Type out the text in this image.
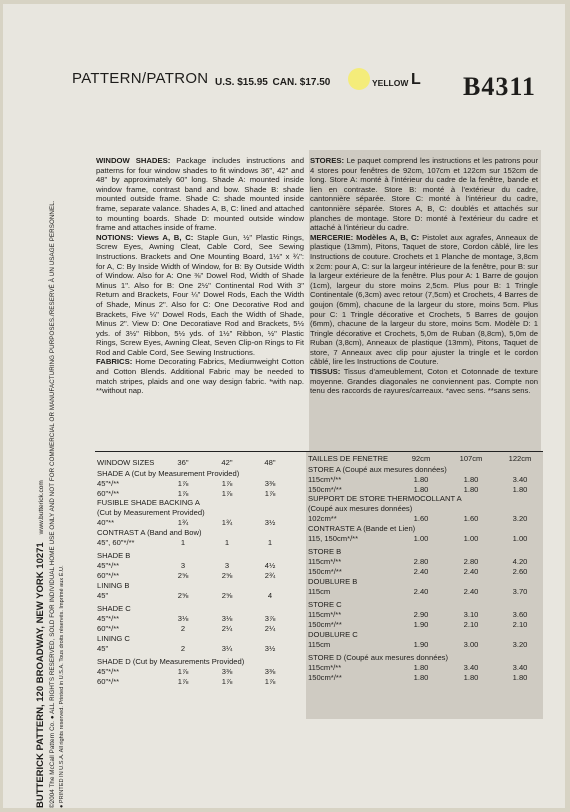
BUTTERICK PATTERN, 120 BROADWAY, NEW YORK 10271   www.butterick.com ©2004 The McCall Pattern Co. ● ALL RIGHTS RESERVED, SOLD FOR INDIVIDUAL HOME USE ONLY AND NOT FOR COMMERCIAL OR MANUFACTURING PURPOSES./RESERVÉ À UN USAGE PERSONNEL. ● PRINTED IN U.S.A. All rights reserved. Printed in U.S.A. Tous droits réservés. Imprimé aux É.U.
PATTERN/PATRON U.S. $15.95 CAN. $17.50	YELLOW L B4311

WINDOW SHADES: Package includes instructions and patterns for four window shades to fit windows 36", 42" and 48" by approximately 60" long. Shade A: mounted inside window frame, contrast band and bow. Shade B: shade mounted outside frame. Shade C: shade mounted inside frame, separate valance. Shades A, B, C: lined and attached to mounting boards. Shade D: mounted outside window frame and attaches inside of frame.

NOTIONS: Views A, B, C: Staple Gun, ½" Plastic Rings, Screw Eyes, Awning Cleat, Cable Cord, See Sewing Instructions. Brackets and One Mounting Board, 1½" x ¾": for A, C: By Inside Width of Window, for B: By Outside Width of Window. Also for A: One ⅜" Dowel Rod, Width of Shade Minus 1". Also for B: One 2½" Continental Rod With 3" Return and Brackets, Four ¼" Dowel Rods, Each the Width of Shade, Minus 2". Also for C: One Decorative Rod and Brackets, Five ¼" Dowel Rods, Each the Width of Shade, Minus 2". View D: One Decoratiave Rod and Brackets, 5½ yds. of 3½" Ribbon, 5½ yds. of 1½" Ribbon, ½" Plastic Rings, Screw Eyes, Awning Cleat, Seven Clip-on Rings to Fit Rod and Cable Cord, See Sewing Instructions.

FABRICS: Home Decorating Fabrics, Mediumweight Cotton and Cotton Blends. Additional Fabric may be needed to match stripes, plaids and one way design fabric. *with nap. **without nap.

STORES: Le paquet comprend les instructions et les patrons pour 4 stores pour fenêtres de 92cm, 107cm et 122cm sur 152cm de long. Store A: monté à l'intérieur du cadre de la fenêtre, bande et lien en contraste. Store B: monté à l'extérieur du cadre, cantonnière séparée. Store C: monté à l'intérieur du cadre, cantonnière séparée. Stores A, B, C: doublés et attachés sur planches de montage. Store D: monté à l'extérieur du cadre et attaché à l'intérieur du cadre.

MERCERIE: Modèles A, B, C: Pistolet aux agrafes, Anneaux de plastique (13mm), Pitons, Taquet de store, Cordon câblé, lire les Instructions de couture. Crochets et 1 Planche de montage, 3,8cm x 2cm: pour A, C: sur la largeur intérieure de la fenêtre, pour B: sur la largeur extérieure de la fenêtre. Plus pour A: 1 Barre de goujon (1cm), largeur du store moins 2,5cm. Plus pour B: 1 Tringle Continentale (6,3cm) avec retour (7,5cm) et Crochets, 4 Barres de goujon (6mm), chacune de la largeur du store, moins 5cm. Plus pour C: 1 Tringle décorative et Crochets, 5 Barres de goujon (6mm), chacune de la largeur du store, moins 5cm. Modèle D: 1 Tringle décorative et Crochets, 5,0m de Ruban (8,8cm), 5,0m de Ruban (3,8cm), Anneaux de plastique (13mm), Pitons, Taquet de store, 7 Anneaux avec clip pour ajuster la tringle et le cordon câblé, lire les Instructions de Couture.

TISSUS: Tissus d'ameublement, Coton et Cotonnade de texture moyenne. Grandes diagonales ne conviennent pas. Compte non tenu des raccords de rayures/carreaux. *avec sens. **sans sens.

WINDOW SIZES	36"	42"	48"
SHADE A (Cut by Measurement Provided)
45"*/**	1⅞	1⅞	3⅜
60"*/**	1⅞	1⅞	1⅞
FUSIBLE SHADE BACKING A
(Cut by Measurement Provided)
40"**	1¾	1¾	3½
CONTRAST A (Band and Bow)
45", 60"*/**	1	1	1
SHADE B
45"*/**	3	3	4½
60"*/**	2⅝	2⅝	2¾
LINING B
45"	2⅝	2⅝	4
SHADE C
45"*/**	3⅛	3⅛	3⅞
60"*/**	2	2¼	2¼
LINING C
45"	2	3¼	3½
SHADE D (Cut by Measurements Provided)
45"*/**	1⅞	3⅜	3⅜
60"*/**	1⅞	1⅞	1⅞
TAILLES DE FENETRE	92cm	107cm	122cm
STORE A (Coupé aux mesures données)
115cm*/**	1.80	1.80	3.40
150cm*/**	1.80	1.80	1.80
SUPPORT DE STORE THERMOCOLLANT A
(Coupé aux mesures données)
102cm**	1.60	1.60	3.20
CONTRASTE A (Bande et Lien)
115, 150cm*/**	1.00	1.00	1.00
STORE B
115cm*/**	2.80	2.80	4.20
150cm*/**	2.40	2.40	2.60
DOUBLURE B
115cm	2.40	2.40	3.70
STORE C
115cm*/**	2.90	3.10	3.60
150cm*/**	1.90	2.10	2.10
DOUBLURE C
115cm	1.90	3.00	3.20
STORE D (Coupé aux mesures données)
115cm*/**	1.80	3.40	3.40
150cm*/**	1.80	1.80	1.80
